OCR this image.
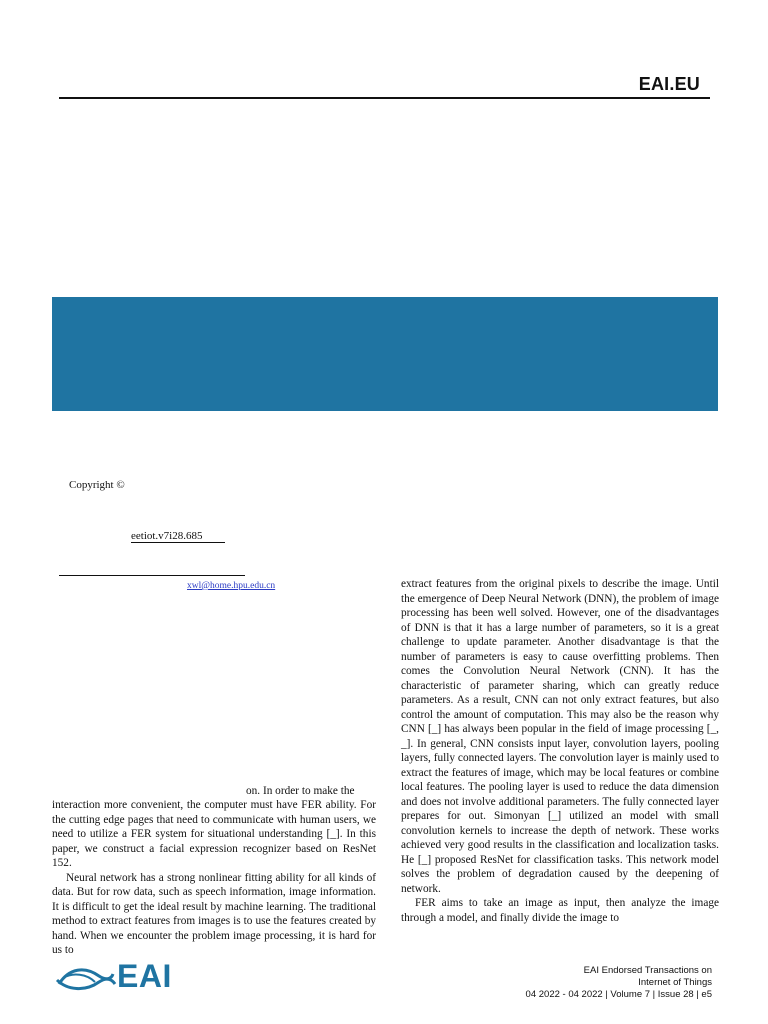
EAI.EU
Copyright ©
eetiot.v7i28.685
xwl@home.hpu.edu.cn
on. In order to make the

interaction more convenient, the computer must have FER ability. For the cutting edge pages that need to communicate with human users, we need to utilize a FER system for situational understanding [_]. In this paper, we construct a facial expression recognizer based on ResNet 152.

Neural network has a strong nonlinear fitting ability for all kinds of data. But for row data, such as speech information, image information. It is difficult to get the ideal result by machine learning. The traditional method to extract features from images is to use the features created by hand. When we encounter the problem image processing, it is hard for us to

extract features from the original pixels to describe the image. Until the emergence of Deep Neural Network (DNN), the problem of image processing has been well solved. However, one of the disadvantages of DNN is that it has a large number of parameters, so it is a great challenge to update parameter. Another disadvantage is that the number of parameters is easy to cause overfitting problems. Then comes the Convolution Neural Network (CNN). It has the characteristic of parameter sharing, which can greatly reduce parameters. As a result, CNN can not only extract features, but also control the amount of computation. This may also be the reason why CNN [_] has always been popular in the field of image processing [_, _]. In general, CNN consists input layer, convolution layers, pooling layers, fully connected layers. The convolution layer is mainly used to extract the features of image, which may be local features or combine local features. The pooling layer is used to reduce the data dimension and does not involve additional parameters. The fully connected layer prepares for out. Simonyan [_] utilized an model with small convolution kernels to increase the depth of network. These works achieved very good results in the classification and localization tasks. He [_] proposed ResNet for classification tasks. This network model solves the problem of degradation caused by the deepening of network.

FER aims to take an image as input, then analyze the image through a model, and finally divide the image to

EAI	EAI Endorsed Transactions on
Internet of Things
04 2022 - 04 2022 | Volume 7 | Issue 28 | e5
